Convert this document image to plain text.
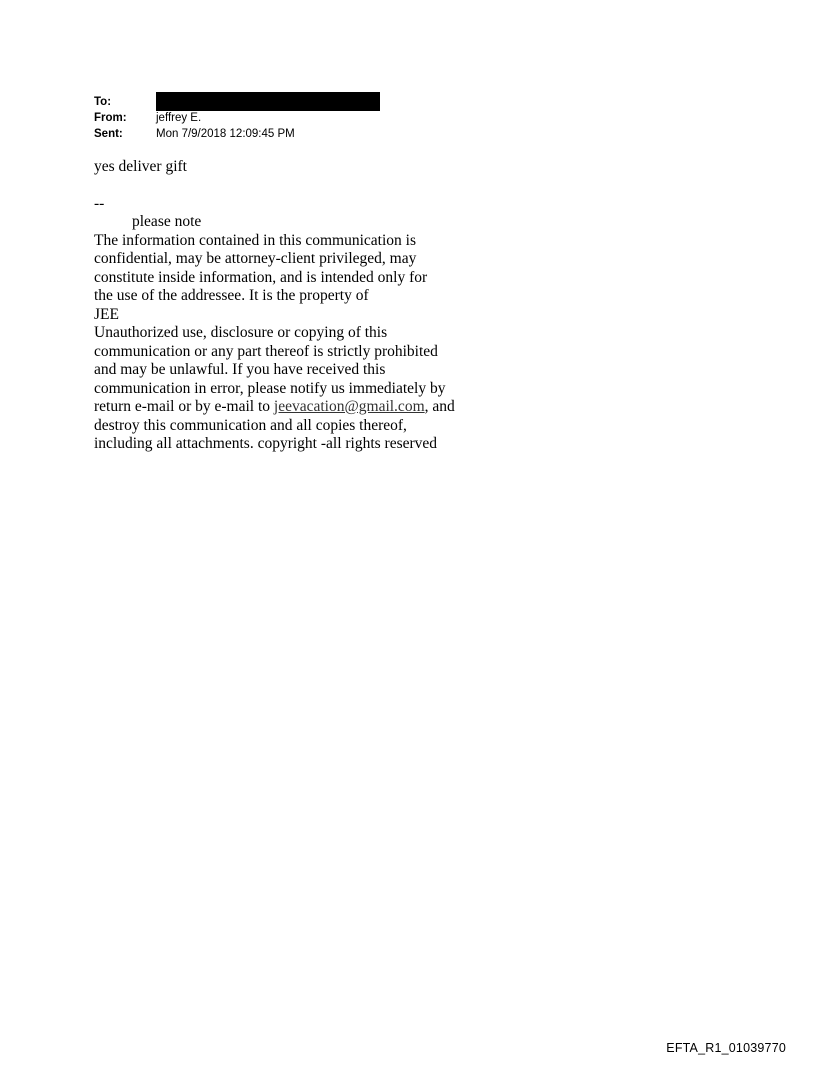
To:
From:	jeffrey E.
Sent:	Mon 7/9/2018 12:09:45 PM
yes deliver gift
--
please note

The information contained in this communication is

confidential, may be attorney-client privileged, may

constitute inside information, and is intended only for

the use of the addressee. It is the property of

JEE

Unauthorized use, disclosure or copying of this

communication or any part thereof is strictly prohibited

and may be unlawful. If you have received this

communication in error, please notify us immediately by

return e-mail or by e-mail to jeevacation@gmail.com, and

destroy this communication and all copies thereof,

including all attachments. copyright -all rights reserved

EFTA_R1_01039770
